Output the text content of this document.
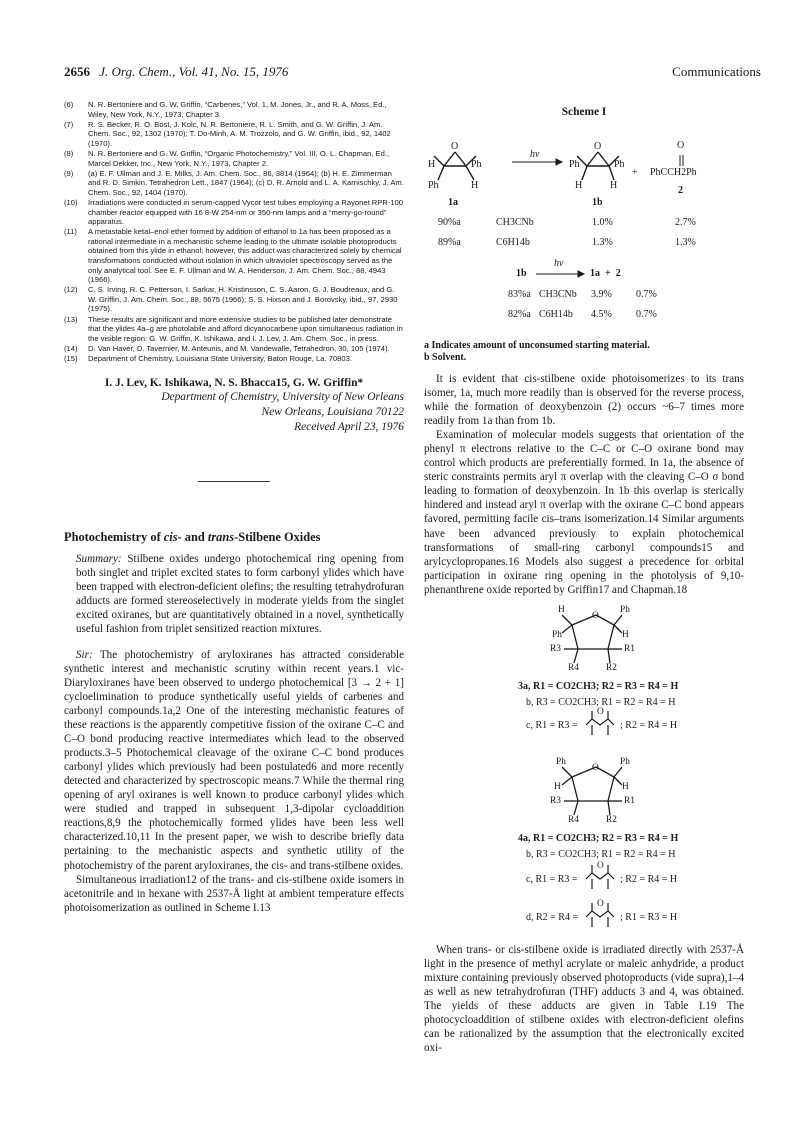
2656 J. Org. Chem., Vol. 41, No. 15, 1976	Communications
(6) N. R. Bertoniere and G. W. Griffin, “Carbenes,” Vol. 1, M. Jones, Jr., and R. A. Moss, Ed., Wiley, New York, N.Y., 1973, Chapter 3.
(7) R. S. Becker, R. O. Bost, J. Kolc, N. R. Bertoniere, R. L. Smith, and G. W. Griffin, J. Am. Chem. Soc., 92, 1302 (1970); T. Do-Minh, A. M. Trozzolo, and G. W. Griffin, ibid., 92, 1402 (1970).
(8) N. R. Bertoniere and G. W. Griffin, “Organic Photochemistry,” Vol. III, O. L. Chapman, Ed., Marcel Dekker, Inc., New York, N.Y., 1973, Chapter 2.
(9) (a) E. F. Ullman and J. E. Milks, J. Am. Chem. Soc., 86, 3814 (1964); (b) H. E. Zimmerman and R. D. Simkin, Tetrahedron Lett., 1847 (1964); (c) D. R. Arnold and L. A. Karnischky, J. Am. Chem. Soc., 92, 1404 (1970).
(10) Irradiations were conducted in serum-capped Vycor test tubes employing a Rayonet RPR-100 chamber reactor equipped with 16 8-W 254-nm or 350-nm lamps and a “merry-go-round” apparatus.
(11) A metastable ketal–enol ether formed by addition of ethanol to 1a has been proposed as a rational intermediate in a mechanistic scheme leading to the ultimate isolable photoproducts obtained from this ylide in ethanol; however, this adduct was characterized solely by chemical transformations conducted without isolation in which ultraviolet spectroscopy served as the only analytical tool. See E. F. Ullman and W. A. Henderson, J. Am. Chem. Soc., 88, 4943 (1966).
(12) C. S. Irving, R. C. Petterson, I. Sarkar, H. Kristinsson, C. S. Aaron, G. J. Boudreaux, and G. W. Griffin, J. Am. Chem. Soc., 88, 5675 (1966); S. S. Hixson and J. Borovsky, ibid., 97, 2930 (1975).
(13) These results are significant and more extensive studies to be published later demonstrate that the ylides 4a–g are photolabile and afford dicyanocarbene upon simultaneous radiation in the visible region: G. W. Griffin, K. Ishikawa, and I. J. Lev, J. Am. Chem. Soc., in press.
(14) D. Van Haver, D. Tavernier, M. Anteunis, and M. Vandewalle, Tetrahedron, 30, 105 (1974).
(15) Department of Chemistry, Louisiana State University, Baton Rouge, La. 70803.
I. J. Lev, K. Ishikawa, N. S. Bhacca15, G. W. Griffin*
Department of Chemistry, University of New Orleans
New Orleans, Louisiana 70122
Received April 23, 1976
Photochemistry of cis- and trans-Stilbene Oxides

Summary: Stilbene oxides undergo photochemical ring opening from both singlet and triplet excited states to form carbonyl ylides which have been trapped with electron-deficient olefins; the resulting tetrahydrofuran adducts are formed stereoselectively in moderate yields from the singlet excited oxiranes, but are quantitatively obtained in a novel, synthetically useful fashion from triplet sensitized reaction mixtures.

Sir: The photochemistry of aryloxiranes has attracted considerable synthetic interest and mechanistic scrutiny within recent years.1 vic-Diaryloxiranes have been observed to undergo photochemical [3 → 2 + 1] cycloelimination to produce synthetically useful yields of carbenes and carbonyl compounds.1a,2 One of the interesting mechanistic features of these reactions is the apparently competitive fission of the oxirane C–C and C–O bond producing reactive intermediates which lead to the observed products.3–5 Photochemical cleavage of the oxirane C–C bond produces carbonyl ylides which previously had been postulated6 and more recently detected and characterized by spectroscopic means.7 While the thermal ring opening of aryl oxiranes is well known to produce carbonyl ylides which were studied and trapped in subsequent 1,3-dipolar cycloaddition reactions,8,9 the photochemically formed ylides have been less well characterized.10,11 In the present paper, we wish to describe briefly data pertaining to the mechanistic aspects and synthetic utility of the photochemistry of the parent aryloxiranes, the cis- and trans-stilbene oxides.

Simultaneous irradiation12 of the trans- and cis-stilbene oxide isomers in acetonitrile and in hexane with 2537-Å light at ambient temperature effects photoisomerization as outlined in Scheme I.13

Scheme I
H
O
Ph
Ph	H
1a
hν
Ph
O
Ph
H	H
1b
O
+ PhCCH2Ph
2
90%a	CH3CNb	1.0%	2.7%
89%a	C6H14b	1.3%	1.3%
1b
hν
1a  +  2
83%a CH3CNb 3.9% 0.7%
82%a C6H14b 4.5% 0.7%
a Indicates amount of unconsumed starting material.
b Solvent.

It is evident that cis-stilbene oxide photoisomerizes to its trans isomer, 1a, much more readily than is observed for the reverse process, while the formation of deoxybenzoin (2) occurs ~6–7 times more readily from 1a than from 1b.

Examination of molecular models suggests that orientation of the phenyl π electrons relative to the C–C or C–O oxirane bond may control which products are preferentially formed. In 1a, the absence of steric constraints permits aryl π overlap with the cleaving C–O σ bond leading to formation of deoxybenzoin. In 1b this overlap is sterically hindered and instead aryl π overlap with the oxirane C–C bond appears favored, permitting facile cis–trans isomerization.14 Similar arguments have been advanced previously to explain photochemical transformations of small-ring carbonyl compounds15 and arylcyclopropanes.16 Models also suggest a precedence for orbital participation in oxirane ring opening in the photolysis of 9,10-phenanthrene oxide reported by Griffin17 and Chapman.18

H	Ph
Ph	H
O
R3	R1
R4	R2
3a, R1 = CO2CH3; R2 = R3 = R4 = H
b, R3 = CO2CH3; R1 = R2 = R4 = H
c, R1 = R3 =	; R2 = R4 = H
O
Ph	Ph
H	H
O
R3	R1
R4	R2
4a, R1 = CO2CH3; R2 = R3 = R4 = H
b, R3 = CO2CH3; R1 = R2 = R4 = H
c, R1 = R3 =	; R2 = R4 = H
O
d, R2 = R4 =	; R1 = R3 = H
O

When trans- or cis-stilbene oxide is irradiated directly with 2537-Å light in the presence of methyl acrylate or maleic anhydride, a product mixture containing previously observed photoproducts (vide supra),1–4 as well as new tetrahydrofuran (THF) adducts 3 and 4, was obtained. The yields of these adducts are given in Table I.19 The photocycloaddition of stilbene oxides with electron-deficient olefins can be rationalized by the assumption that the electronically excited oxi-
